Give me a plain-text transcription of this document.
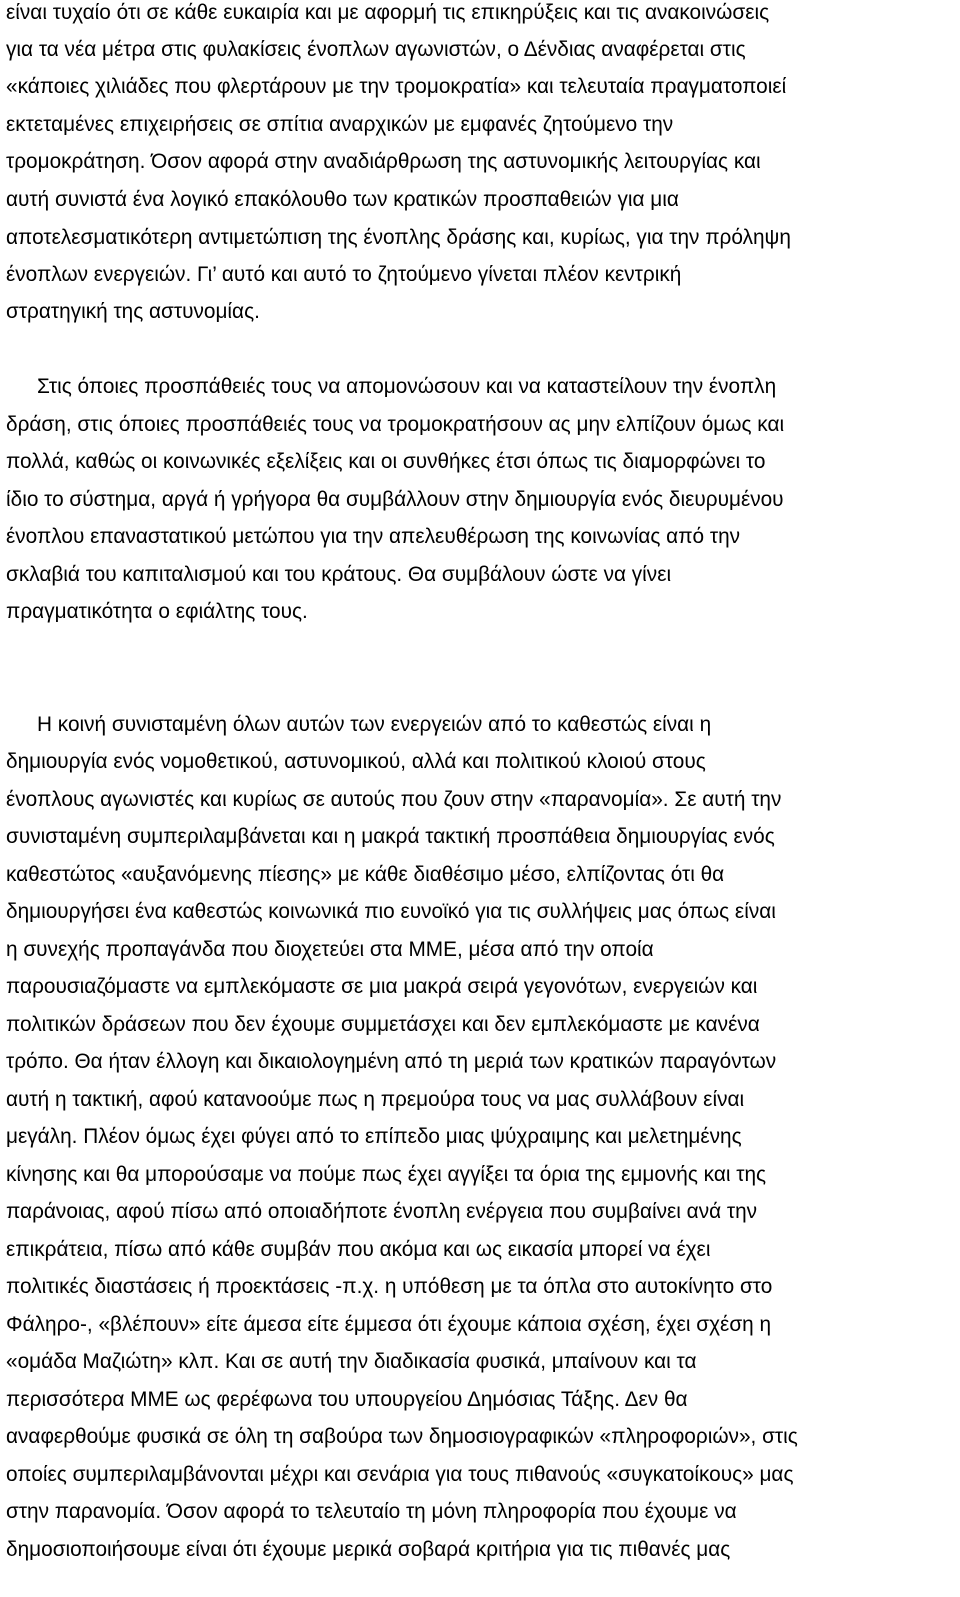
είναι τυχαίο ότι σε κάθε ευκαιρία και με αφορμή τις επικηρύξεις και τις ανακοινώσεις
για τα νέα μέτρα στις φυλακίσεις ένοπλων αγωνιστών, ο Δένδιας αναφέρεται στις
«κάποιες χιλιάδες που φλερτάρουν με την τρομοκρατία» και τελευταία πραγματοποιεί
εκτεταμένες επιχειρήσεις σε σπίτια αναρχικών με εμφανές ζητούμενο την
τρομοκράτηση. Όσον αφορά στην αναδιάρθρωση της αστυνομικής λειτουργίας και
αυτή συνιστά ένα λογικό επακόλουθο των κρατικών προσπαθειών για μια
αποτελεσματικότερη αντιμετώπιση της ένοπλης δράσης και, κυρίως, για την πρόληψη
ένοπλων ενεργειών. Γι’ αυτό και αυτό το ζητούμενο γίνεται πλέον κεντρική
στρατηγική της αστυνομίας.
Στις όποιες προσπάθειές τους να απομονώσουν και να καταστείλουν την ένοπλη
δράση, στις όποιες προσπάθειές τους να τρομοκρατήσουν ας μην ελπίζουν όμως και
πολλά, καθώς οι κοινωνικές εξελίξεις και οι συνθήκες έτσι όπως τις διαμορφώνει το
ίδιο το σύστημα, αργά ή γρήγορα θα συμβάλλουν στην δημιουργία ενός διευρυμένου
ένοπλου επαναστατικού μετώπου για την απελευθέρωση της κοινωνίας από την
σκλαβιά του καπιταλισμού και του κράτους. Θα συμβάλουν ώστε να γίνει
πραγματικότητα ο εφιάλτης τους.
Η κοινή συνισταμένη όλων αυτών των ενεργειών από το καθεστώς είναι η
δημιουργία ενός νομοθετικού, αστυνομικού, αλλά και πολιτικού κλοιού στους
ένοπλους αγωνιστές και κυρίως σε αυτούς που ζουν στην «παρανομία». Σε αυτή την
συνισταμένη συμπεριλαμβάνεται και η μακρά τακτική προσπάθεια δημιουργίας ενός
καθεστώτος «αυξανόμενης πίεσης» με κάθε διαθέσιμο μέσο, ελπίζοντας ότι θα
δημιουργήσει ένα καθεστώς κοινωνικά πιο ευνοϊκό για τις συλλήψεις μας όπως είναι
η συνεχής προπαγάνδα που διοχετεύει στα ΜΜΕ, μέσα από την οποία
παρουσιαζόμαστε να εμπλεκόμαστε σε μια μακρά σειρά γεγονότων, ενεργειών και
πολιτικών δράσεων που δεν έχουμε συμμετάσχει και δεν εμπλεκόμαστε με κανένα
τρόπο. Θα ήταν έλλογη και δικαιολογημένη από τη μεριά των κρατικών παραγόντων
αυτή η τακτική, αφού κατανοούμε πως η πρεμούρα τους να μας συλλάβουν είναι
μεγάλη. Πλέον όμως έχει φύγει από το επίπεδο μιας ψύχραιμης και μελετημένης
κίνησης και θα μπορούσαμε να πούμε πως έχει αγγίξει τα όρια της εμμονής και της
παράνοιας, αφού πίσω από οποιαδήποτε ένοπλη ενέργεια που συμβαίνει ανά την
επικράτεια, πίσω από κάθε συμβάν που ακόμα και ως εικασία μπορεί να έχει
πολιτικές διαστάσεις ή προεκτάσεις -π.χ. η υπόθεση με τα όπλα στο αυτοκίνητο στο
Φάληρο-, «βλέπουν» είτε άμεσα είτε έμμεσα ότι έχουμε κάποια σχέση, έχει σχέση η
«ομάδα Μαζιώτη» κλπ. Και σε αυτή την διαδικασία φυσικά, μπαίνουν και τα
περισσότερα ΜΜΕ ως φερέφωνα του υπουργείου Δημόσιας Τάξης. Δεν θα
αναφερθούμε φυσικά σε όλη τη σαβούρα των δημοσιογραφικών «πληροφοριών», στις
οποίες συμπεριλαμβάνονται μέχρι και σενάρια για τους πιθανούς «συγκατοίκους» μας
στην παρανομία. Όσον αφορά το τελευταίο τη μόνη πληροφορία που έχουμε να
δημοσιοποιήσουμε είναι ότι έχουμε μερικά σοβαρά κριτήρια για τις πιθανές μας
